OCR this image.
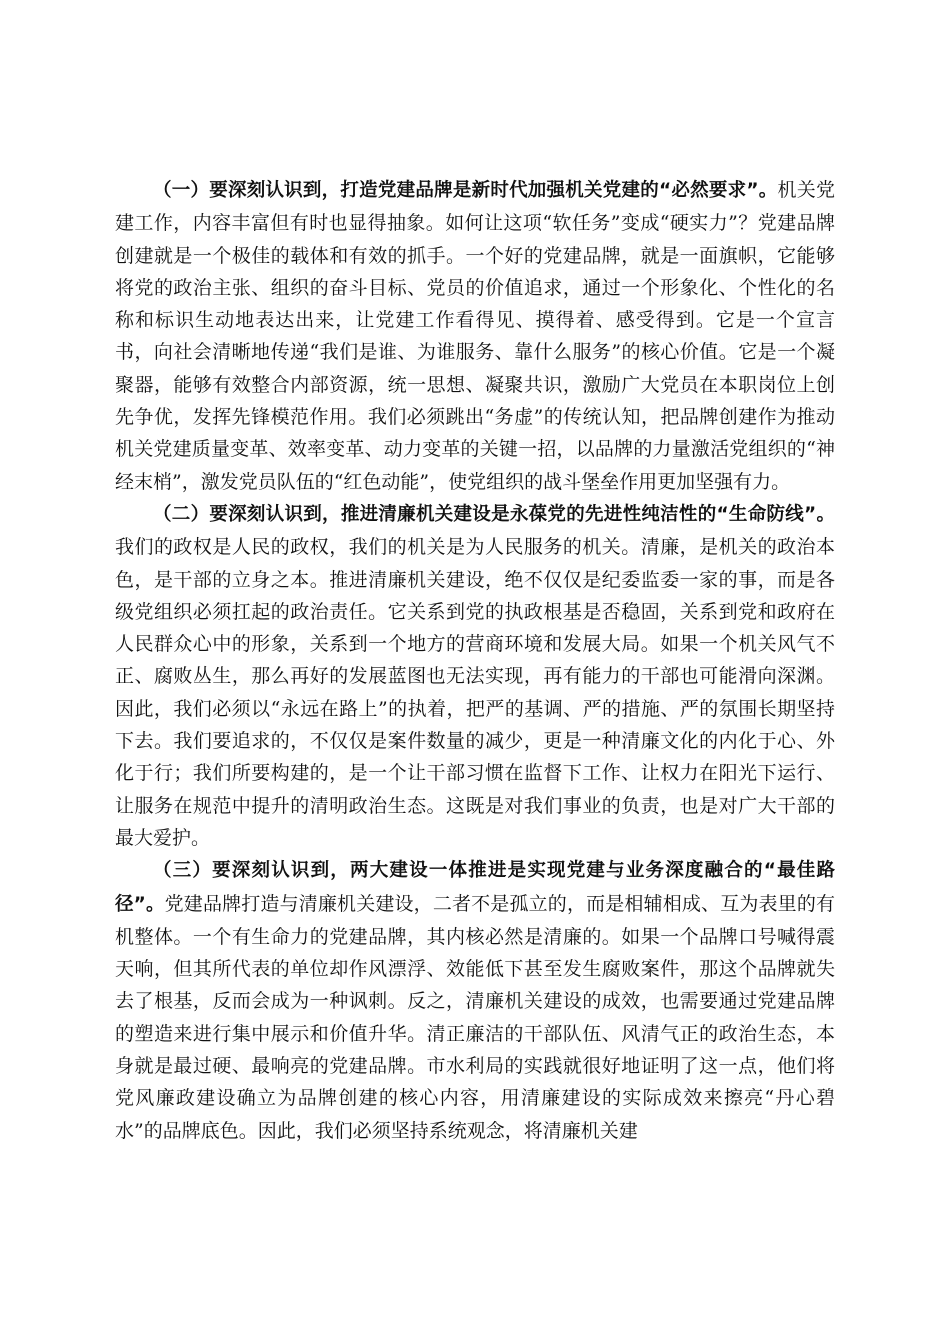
（一）要深刻认识到，打造党建品牌是新时代加强机关党建的“必然要求”。机关党建工作，内容丰富但有时也显得抽象。如何让这项“软任务”变成“硬实力”？党建品牌创建就是一个极佳的载体和有效的抓手。一个好的党建品牌，就是一面旗帜，它能够将党的政治主张、组织的奋斗目标、党员的价值追求，通过一个形象化、个性化的名称和标识生动地表达出来，让党建工作看得见、摸得着、感受得到。它是一个宣言书，向社会清晰地传递“我们是谁、为谁服务、靠什么服务”的核心价值。它是一个凝聚器，能够有效整合内部资源，统一思想、凝聚共识，激励广大党员在本职岗位上创先争优，发挥先锋模范作用。我们必须跳出“务虚”的传统认知，把品牌创建作为推动机关党建质量变革、效率变革、动力变革的关键一招，以品牌的力量激活党组织的“神经末梢”，激发党员队伍的“红色动能”，使党组织的战斗堡垒作用更加坚强有力。

（二）要深刻认识到，推进清廉机关建设是永葆党的先进性纯洁性的“生命防线”。我们的政权是人民的政权，我们的机关是为人民服务的机关。清廉，是机关的政治本色，是干部的立身之本。推进清廉机关建设，绝不仅仅是纪委监委一家的事，而是各级党组织必须扛起的政治责任。它关系到党的执政根基是否稳固，关系到党和政府在人民群众心中的形象，关系到一个地方的营商环境和发展大局。如果一个机关风气不正、腐败丛生，那么再好的发展蓝图也无法实现，再有能力的干部也可能滑向深渊。因此，我们必须以“永远在路上”的执着，把严的基调、严的措施、严的氛围长期坚持下去。我们要追求的，不仅仅是案件数量的减少，更是一种清廉文化的内化于心、外化于行；我们所要构建的，是一个让干部习惯在监督下工作、让权力在阳光下运行、让服务在规范中提升的清明政治生态。这既是对我们事业的负责，也是对广大干部的最大爱护。

（三）要深刻认识到，两大建设一体推进是实现党建与业务深度融合的“最佳路径”。党建品牌打造与清廉机关建设，二者不是孤立的，而是相辅相成、互为表里的有机整体。一个有生命力的党建品牌，其内核必然是清廉的。如果一个品牌口号喊得震天响，但其所代表的单位却作风漂浮、效能低下甚至发生腐败案件，那这个品牌就失去了根基，反而会成为一种讽刺。反之，清廉机关建设的成效，也需要通过党建品牌的塑造来进行集中展示和价值升华。清正廉洁的干部队伍、风清气正的政治生态，本身就是最过硬、最响亮的党建品牌。市水利局的实践就很好地证明了这一点，他们将党风廉政建设确立为品牌创建的核心内容，用清廉建设的实际成效来擦亮“丹心碧水”的品牌底色。因此，我们必须坚持系统观念，将清廉机关建
